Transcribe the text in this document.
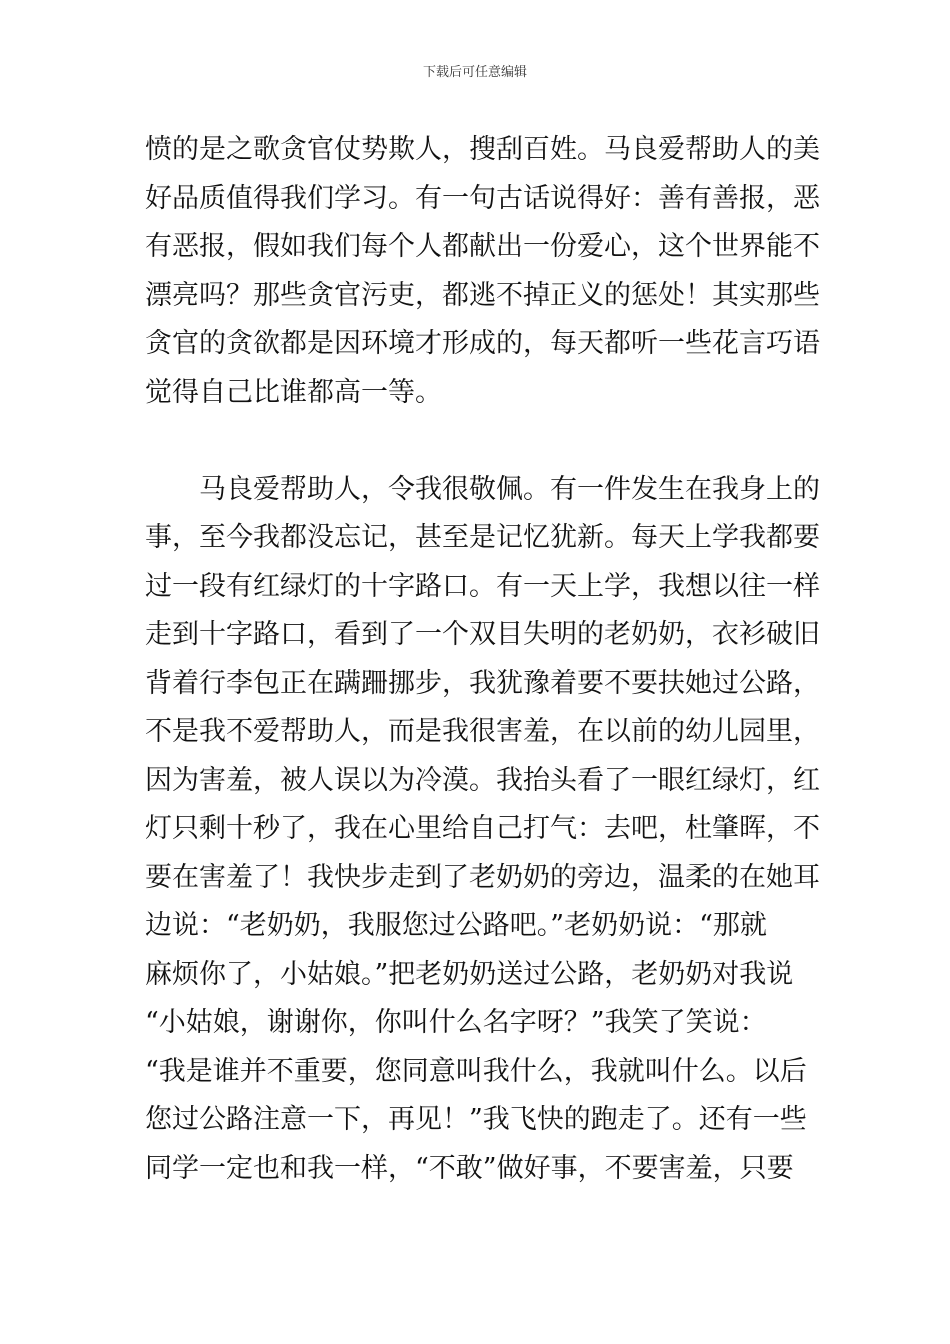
下载后可任意编辑
愤的是之歌贪官仗势欺人，搜刮百姓。马良爱帮助人的美
好品质值得我们学习。有一句古话说得好：善有善报，恶
有恶报，假如我们每个人都献出一份爱心，这个世界能不
漂亮吗？那些贪官污吏，都逃不掉正义的惩处！其实那些
贪官的贪欲都是因环境才形成的，每天都听一些花言巧语
觉得自己比谁都高一等。
马良爱帮助人，令我很敬佩。有一件发生在我身上的
事，至今我都没忘记，甚至是记忆犹新。每天上学我都要
过一段有红绿灯的十字路口。有一天上学，我想以往一样
走到十字路口，看到了一个双目失明的老奶奶，衣衫破旧
背着行李包正在蹒跚挪步，我犹豫着要不要扶她过公路，
不是我不爱帮助人，而是我很害羞，在以前的幼儿园里，
因为害羞，被人误以为冷漠。我抬头看了一眼红绿灯，红
灯只剩十秒了，我在心里给自己打气：去吧，杜肇晖，不
要在害羞了！我快步走到了老奶奶的旁边，温柔的在她耳
边说：“老奶奶，我服您过公路吧。”老奶奶说：“那就
麻烦你了，小姑娘。”把老奶奶送过公路，老奶奶对我说
“小姑娘，谢谢你，你叫什么名字呀？”我笑了笑说：
“我是谁并不重要，您同意叫我什么，我就叫什么。以后
您过公路注意一下，再见！”我飞快的跑走了。还有一些
同学一定也和我一样，“不敢”做好事，不要害羞，只要
